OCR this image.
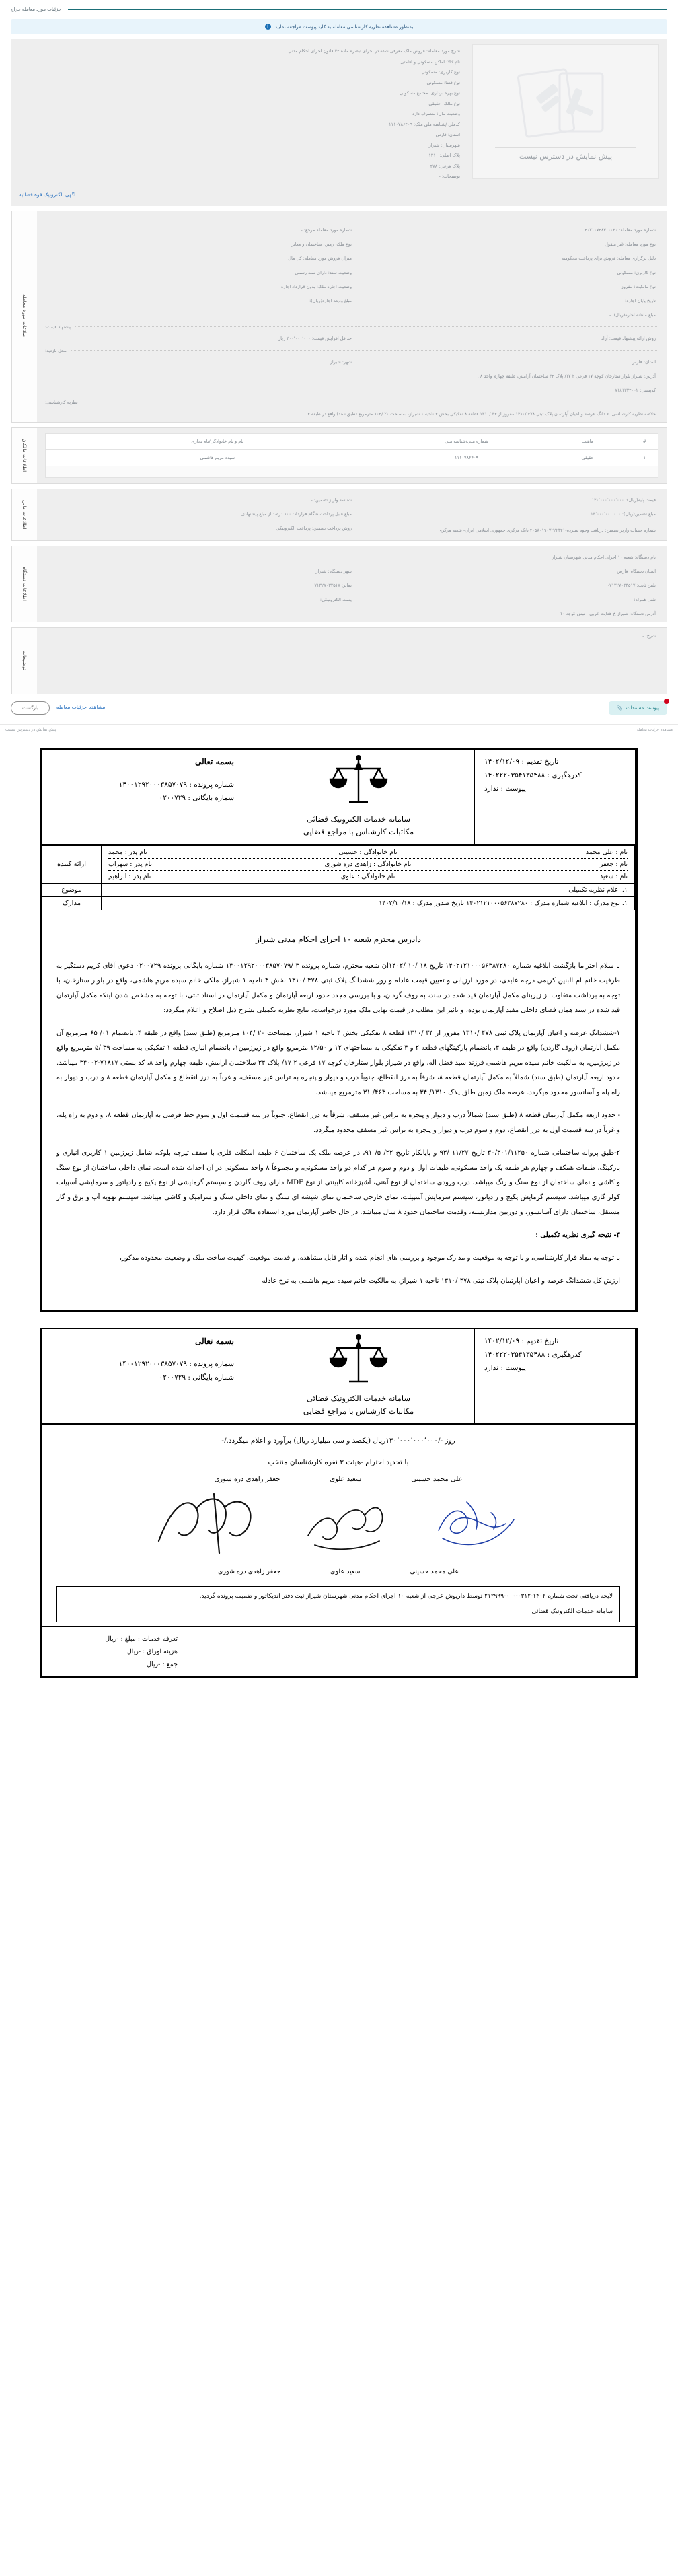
جزئیات مورد معامله حراج
بمنظور مشاهده نظریه کارشناسی معامله به کلید پیوست مراجعه نمایید
i
شرح مورد معامله: فروش ملک معرفی شده در اجرای تبصره ماده ۳۴ قانون اجرای احکام مدنی
نام کالا: اماکن مسکونی و اقامتی
نوع کاربری: مسکونی
نوع فضا: مسکونی
نوع بهره برداری: مجتمع مسکونی
نوع مالک: حقیقی
وضعیت مال: متصرف دارد
کدملی /شناسه ملی ملک: ۱۱۱۰۷۸۶۴۰۹
استان: فارس
شهرستان: شیراز
پلاک اصلی: ۱۳۱۰
پلاک فرعی: ۴۷۸
توضیحات: -
پیش نمایش در دسترس نیست
آگهی الکترونیک قوه قضائیه
شماره مورد معامله: ۴۰۲۱۰۷۴۸۳۰۰۰۲۰
شماره مورد معامله مرجع: -
نوع مورد معامله: غیر منقول
نوع ملک: زمین، ساختمان و معابر
دلیل برگزاری معامله: فروش برای پرداخت محکومیه
میزان فروش مورد معامله: کل مال
نوع کاربری: مسکونی
وضعیت سند: دارای سند رسمی
نوع مالکیت: مفروز
وضعیت اجاره ملک: بدون قرارداد اجاره
تاریخ پایان اجاره: -
مبلغ ودیعه اجاره(ریال): -
مبلغ ماهانه اجاره(ریال): -
پیشنهاد قیمت:
روش ارائه پیشنهاد قیمت: آزاد
حداقل افزایش قیمت: ۲۰۰٬۰۰۰٬۰۰۰ ریال
محل بازدید:
استان: فارس
شهر: شیراز
آدرس: شیراز بلوار ستارخان کوچه ۱۷ فرعی ۲ ۱۷/ پلاک ۳۴ ساختمان آرامش، طبقه چهارم واحد ۸ .
کدپستی: ۷۱۸۱۲۳۴۰۰۲
نظریه کارشناسی:
خلاصه نظریه کارشناسی: ۶ دانگ عرصه و اعیان آپارتمان پلاک ثبتی ۴۷۸ /۱۳۱۰ مفروز از ۳۴ /۱۳۱۰ قطعه ۸ تفکیکی بخش ۴ ناحیه ۱ شیراز، بمساحت ۲۰ /۱۰۴ مترمربع (طبق سند) واقع در طبقه ۴.
اطلاعات مورد معامله
#	ماهیت	شماره ملی/شناسه ملی	نام و نام خانوادگی/نام تجاری
۱	حقیقی	۱۱۱۰۷۸۶۴۰۹	سیده مریم هاشمی

اطلاعات مالکان
قیمت پایه(ریال): ۱۳۰٬۰۰۰٬۰۰۰٬۰۰۰
شناسه واریز تضمین: -
مبلغ تضمین(ریال): ۱۳٬۰۰۰٬۰۰۰٬۰۰۰
مبلغ قابل پرداخت هنگام قرارداد: ۱۰۰ درصد از مبلغ پیشنهادی
شماره حساب واریز تضمین: دریافت وجوه سپرده-۴۰۵۸۰۱۹۰۷۲۲۲۳۴۱ بانک مرکزی جمهوری اسلامی ایران- شعبه مرکزی
روش پرداخت تضمین: پرداخت الکترونیکی
اطلاعات مالی
نام دستگاه: شعبه ۱۰ اجرای احکام مدنی شهرستان شیراز
استان دستگاه: فارس
شهر دستگاه: شیراز
تلفن ثابت: ۰۷۱۳۲۷۰۳۳۵۱۷
نمابر: ۰۷۱۳۲۷۰۳۳۵۱۷
تلفن همراه: -
پست الکترونیکی: -
آدرس دستگاه: شیراز خ هدایت غربی - نبش کوچه ۱۰
اطلاعات دستگاه
شرح: -
توضیحات
پیوست مستندات
📎
مشاهده جزئیات معامله
بازگشت
مشاهده جزئیات معامله
پیش نمایش در دسترس نیست
تاریخ تقدیم : ۱۴۰۲/۱۲/۰۹
کدرهگیری : ۱۴۰۲۲۲۰۳۵۴۱۳۵۴۸۸
پیوست : ندارد
سامانه خدمات الکترونیک قضائی
مکاتبات کارشناس با مراجع قضایی
بسمه تعالی
شماره پرونده : ۱۴۰۰۱۲۹۲۰۰۰۳۸۵۷۰۷۹
شماره بایگانی : ۰۲۰۰۷۲۹
نام : علی محمد
نام خانوادگی : حسینی
نام پدر : محمد
نام : جعفر
نام خانوادگی : زاهدی دره شوری
نام پدر : سهراب
نام : سعید
نام خانوادگی : علوی
نام پدر : ابراهیم
	ارائه کننده
۱. اعلام نظریه تکمیلی	موضوع
۱. نوع مدرک : ابلاغیه شماره مدرک : ۱۴۰۲۱۲۱۰۰۰۵۶۳۸۷۲۸۰ تاریخ صدور مدرک : ۱۴۰۲/۱۰/۱۸	مدارک
دادرس محترم شعبه ۱۰ اجرای احکام مدنی شیراز

با سلام احتراما بازگشت ابلاغیه شماره ۱۴۰۲۱۲۱۰۰۰۵۶۳۸۷۲۸۰ تاریخ ۱۸ /۱۰ /۱۴۰۲آن شعبه محترم، شماره پرونده ۳ /۱۴۰۰۱۲۹۲۰۰۰۳۸۵۷۰۷۹ شماره بایگانی پرونده ۰۲۰۰۷۲۹ دعوی آقای کریم دستگیر به طرفیت خانم ام البنین کریمی درجه عابدی، در مورد ارزیابی و تعیین قیمت عادله و روز ششدانگ پلاک ثبتی ۴۷۸ /۱۳۱۰ بخش ۴ ناحیه ۱ شیراز، ملکی خانم سیده مریم هاشمی، واقع در بلوار ستارخان، با توجه به برداشت متفاوت از زیربنای مکمل آپارتمان قید شده در سند، به روف گردان، و با بررسی مجدد حدود اربعه آپارتمان و مکمل آپارتمان در اسناد ثبتی، با توجه به مشخص شدن اینکه مکمل آپارتمان قید شده در سند همان فضای داخلی مفید آپارتمان بوده، و تاثیر این مطلب در قیمت نهایی ملک مورد درخواست، نتایج نظریه تکمیلی بشرح ذیل اصلاح و اعلام میگردد:

۱-ششدانگ عرصه و اعیان آپارتمان پلاک ثبتی ۴۷۸ /۱۳۱۰ مفروز از ۳۴ /۱۳۱۰ قطعه ۸ تفکیکی بخش ۴ ناحیه ۱ شیراز، بمساحت ۲۰ /۱۰۴ مترمربع (طبق سند) واقع در طبقه ۴، بانضمام ۰۱/ ۶۵ مترمربع آن مکمل آپارتمان (روف گاردن) واقع در طبقه ۴، بانضمام پارکینگهای قطعه ۲ و ۴ تفکیکی به مساحتهای ۱۲ و ۱۲/۵۰ مترمربع واقع در زیرزمین۱، بانضمام انباری قطعه ۱ تفکیکی به مساحت ۳۹ /۵ مترمربع واقع در زیرزمین، به مالکیت خانم سیده مریم هاشمی فرزند سید فضل اله، واقع در شیراز بلوار ستارخان کوچه ۱۷ فرعی ۲ ۱۷/ پلاک ۳۴ سلاختمان آرامش، طبقه چهارم واحد ۸، کد پستی ۷۱۸۱۷-۳۴۰۰۲ میباشد. حدود اربعه آپارتمان (طبق سند) شمالاً به مکمل آپارتمان قطعه ۸، شرقاً به درز انقطاع، جنوباً درب و دیوار و پنجره به تراس غیر مسقف، و غرباً به درز انقطاع و مکمل آپارتمان قطعه ۸ و درب و دیوار به راه پله و آسانسور محدود میگردد. عرصه ملک زمین طلق پلاک ۱۳۱۰/ ۳۴ به مساحت ۴۶۳/ ۳۱ مترمربع میباشد.

- حدود اربعه مکمل آپارتمان قطعه ۸ (طبق سند) شمالاً درب و دیوار و پنجره به تراس غیر مسقف، شرقاً به درز انقطاع، جنوباً در سه قسمت اول و سوم خط فرضی به آپارتمان قطعه ۸، و دوم به راه پله، و غرباً در سه قسمت اول به درز انقطاع، دوم و سوم درب و دیوار و پنجره به تراس غیر مسقف محدود میگردد.

۲-طبق پروانه ساختمانی شماره ۳۰/۳۰۱/۱۱۲۵۰ تاریخ ۱۱/۲۷ /۹۳ و پایانکار تاریخ ۲۲/ ۵/ ۹۱، در عرصه ملک یک ساختمان ۶ طبقه اسکلت فلزی با سقف تیرچه بلوک، شامل زیرزمین ۱ کاربری انباری و پارکینگ، طبقات همکف و چهارم هر طبقه یک واحد مسکونی، طبقات اول و دوم و سوم هر کدام دو واحد مسکونی، و مجموعاً ۸ واحد مسکونی در آن احداث شده است. نمای داخلی ساختمان از نوع سنگ و کاشی و نمای ساختمان از نوع سنگ و رنگ میباشد. درب ورودی ساختمان از نوع آهنی، آشپزخانه کابینتی از نوع MDF دارای روف گاردن و سیستم گرمایشی از نوع پکیج و رادیاتور و سرمایشی آسپیلت کولر گازی میباشد. سیستم گرمایش پکیج و رادیاتور، سیستم سرمایش آسپیلت، نمای خارجی ساختمان نمای شیشه ای سنگ و نمای داخلی سنگ و سرامیک و کاشی میباشد. سیستم تهویه آب و برق و گاز مستقل، ساختمان دارای آسانسور، و دوربین مداربسته، وقدمت ساختمان حدود ۸ سال میباشد. در حال حاضر آپارتمان مورد استفاده مالک قرار دارد.

۳- نتیجه گیری نظریه تکمیلی :

با توجه به مفاد قرار کارشناسی، و با توجه به موقعیت و مدارک موجود و بررسی های انجام شده و آثار قابل مشاهده، و قدمت موقعیت، کیفیت ساخت ملک و وضعیت محدوده مذکور،

ارزش کل ششدانگ عرصه و اعیان آپارتمان پلاک ثبتی ۴۷۸ /۱۳۱۰ ناحیه ۱ شیراز، به مالکیت خانم سیده مریم هاشمی به نرخ عادله

تاریخ تقدیم : ۱۴۰۲/۱۲/۰۹
کدرهگیری : ۱۴۰۲۲۲۰۳۵۴۱۳۵۴۸۸
پیوست : ندارد
سامانه خدمات الکترونیک قضائی
مکاتبات کارشناس با مراجع قضایی
بسمه تعالی
شماره پرونده : ۱۴۰۰۱۲۹۲۰۰۰۳۸۵۷۰۷۹
شماره بایگانی : ۰۲۰۰۷۲۹
روز -/۱۳۰٬۰۰۰٬۰۰۰٬۰۰۰ریال (یکصد و سی میلیارد ریال) برآورد و اعلام میگردد./-
با تجدید احترام -هیئت ۳ نفره کارشناسان منتخب
علی محمد حسینی
سعید علوی
جعفر زاهدی دره شوری
علی محمد حسینی
سعید علوی
جعفر زاهدی دره شوری
لایحه دریافتی تحت شماره ۱۴۰۲-۰۳۱۲-۰۰۰-۲۱۲۹۹۹ توسط داریوش عرجی از شعبه ۱۰ اجرای احکام مدنی شهرستان شیراز ثبت دفتر اندیکاتور و ضمیمه پرونده گردید.
سامانه خدمات الکترونیک قضائی
تعرفه خدمات : مبلغ : -ریال
هزینه اوراق : -ریال
جمع : -ریال
